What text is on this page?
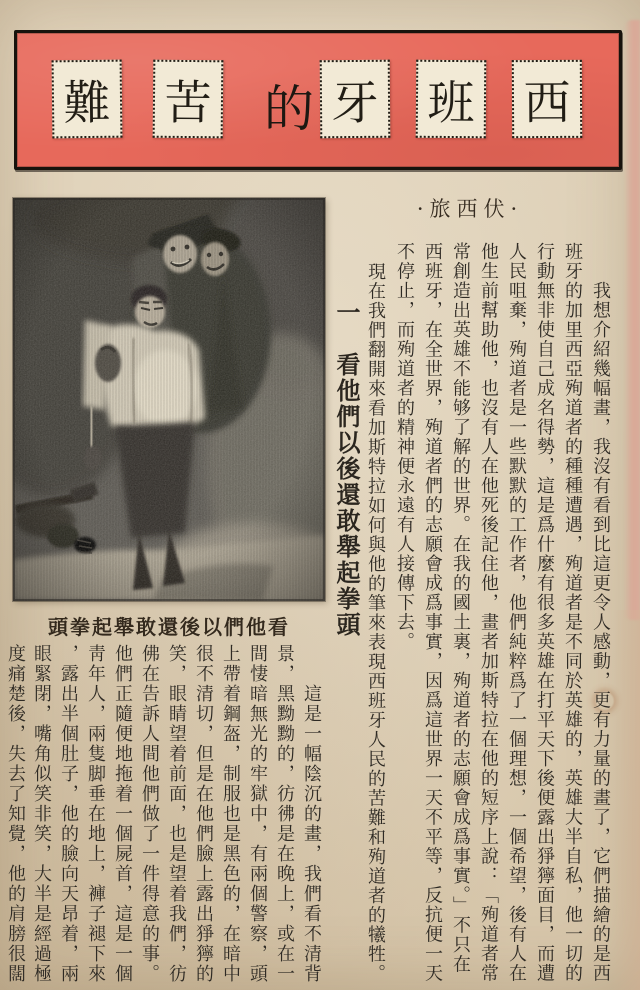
難 苦 的 牙 班 西
·旅西伏·
頭拳起舉敢還後以們他看	一　看他們以後還敢舉起拳頭	我想介紹幾幅畫，我沒有看到比這更令人感動，更有力量的畫了，它們描繪的是西
班牙的加里西亞殉道者的種種遭遇，殉道者是不同於英雄的，英雄大半自私，他一切的
行動無非使自己成名得勢，這是爲什麼有很多英雄在打平天下後便露出猙獰面目，而遭
人民咀棄，殉道者是一些默默的工作者，他們純粹爲了一個理想，一個希望，後有人在
他生前幫助他，也沒有人在他死後記住他，畫者加斯特拉在他的短序上說：「殉道者常
常創造出英雄不能够了解的世界。在我的國土裏，殉道者的志願會成爲事實。」不只在
西班牙，在全世界，殉道者們的志願會成爲事實，因爲這世界一天不平等，反抗便一天
不停止，而殉道者的精神便永遠有人接傳下去。
現在我們翻開來看加斯特拉如何與他的筆來表現西班牙人民的苦難和殉道者的犧牲。
這是一幅陰沉的畫，我們看不清背
景，黑黝黝的，彷彿是在晚上，或在一
間悽暗無光的牢獄中，有兩個警察，頭
上帶着鋼盔，制服也是黑色的，在暗中
很不清切，但是在他們臉上露出猙獰的
笑，眼睛望着前面，也是望着我們，彷
佛在告訴人間他們做了一件得意的事。
他們正隨便地拖着一個屍首，這是一個
靑年人，兩隻脚垂在地上，褲子褪下來
，露出半個肚子，他的臉向天昂着，兩
眼緊閉，嘴角似笑非笑，大半是經過極
度痛楚後，失去了知覺，他的肩膀很闊
